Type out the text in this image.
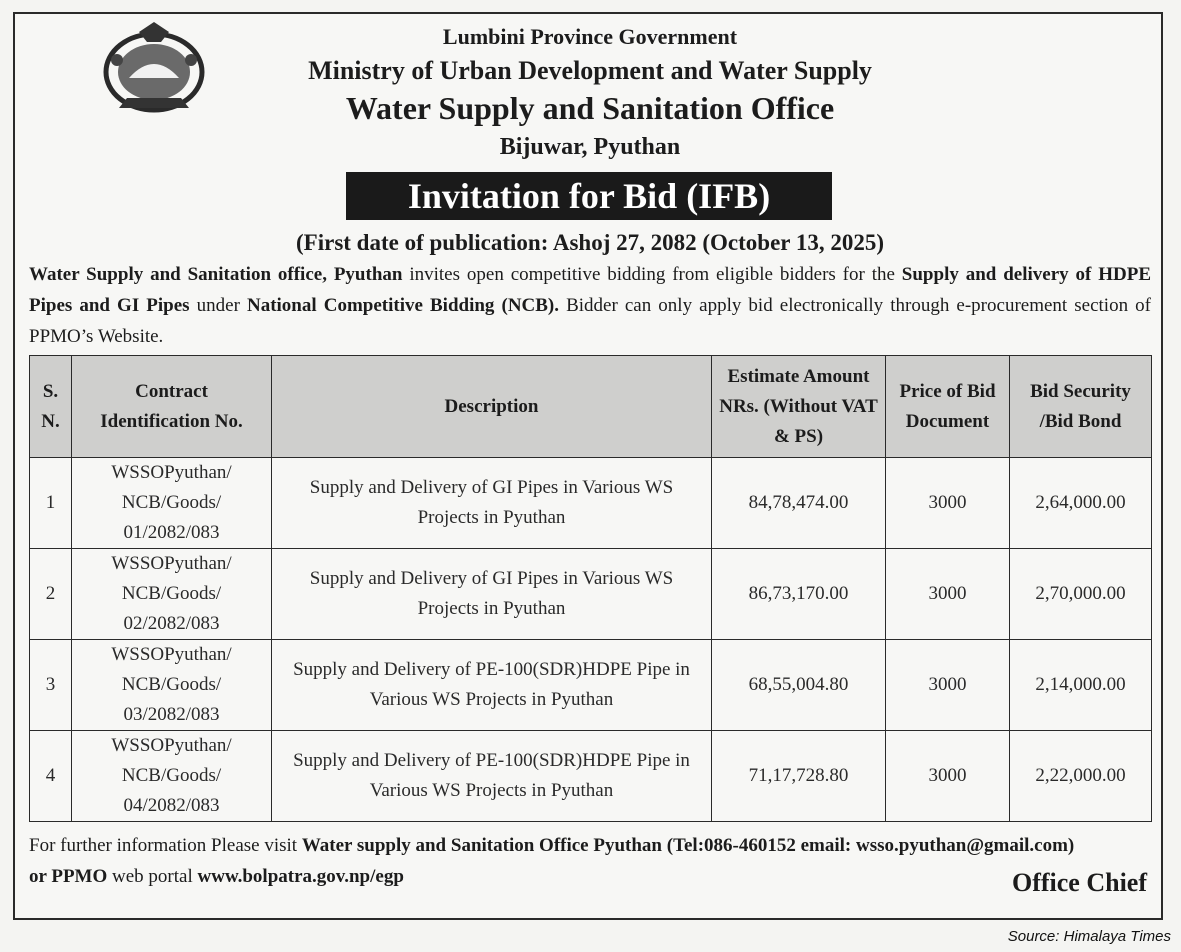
Lumbini Province Government
Ministry of Urban Development and Water Supply
Water Supply and Sanitation Office
Bijuwar, Pyuthan
Invitation for Bid (IFB)
(First date of publication: Ashoj 27, 2082 (October 13, 2025)
Water Supply and Sanitation office, Pyuthan invites open competitive bidding from eligible bidders for the Supply and delivery of HDPE Pipes and GI Pipes under National Competitive Bidding (NCB). Bidder can only apply bid electronically through e-procurement section of PPMO’s Website.
S. N.	Contract Identification No.	Description	Estimate Amount NRs. (Without VAT & PS)	Price of Bid Document	Bid Security /Bid Bond
1	WSSOPyuthan/ NCB/Goods/ 01/2082/083	Supply and Delivery of GI Pipes in Various WS Projects in Pyuthan	84,78,474.00	3000	2,64,000.00
2	WSSOPyuthan/ NCB/Goods/ 02/2082/083	Supply and Delivery of GI Pipes in Various WS Projects in Pyuthan	86,73,170.00	3000	2,70,000.00
3	WSSOPyuthan/ NCB/Goods/ 03/2082/083	Supply and Delivery of PE-100(SDR)HDPE Pipe in Various WS Projects in Pyuthan	68,55,004.80	3000	2,14,000.00
4	WSSOPyuthan/ NCB/Goods/ 04/2082/083	Supply and Delivery of PE-100(SDR)HDPE Pipe in Various WS Projects in Pyuthan	71,17,728.80	3000	2,22,000.00
For further information Please visit Water supply and Sanitation Office Pyuthan (Tel:086-460152 email: wsso.pyuthan@gmail.com)
or PPMO web portal www.bolpatra.gov.np/egp	Office Chief
Source: Himalaya Times
